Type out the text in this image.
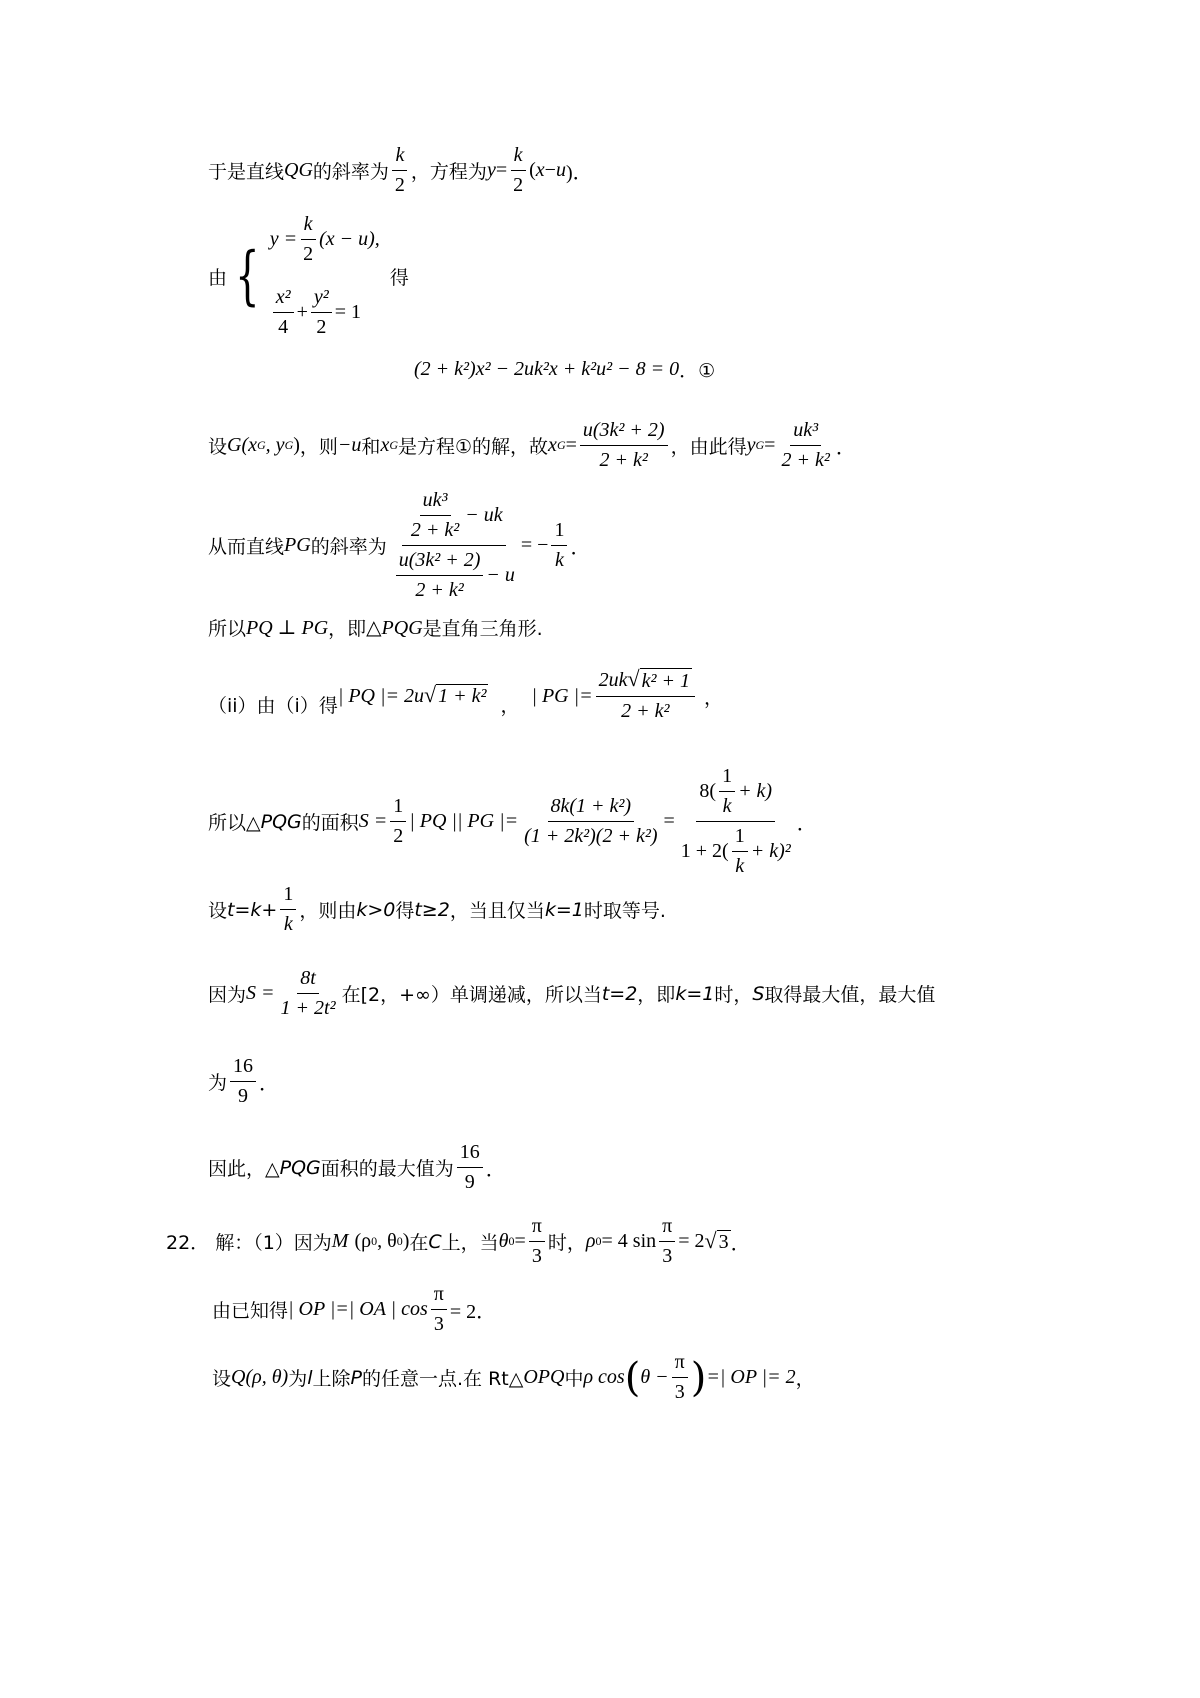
于是直线 QG 的斜率为 $\frac{k}{2}$ ，方程为 $y = \frac{k}{2}$ ( x − u )．
由 { $y = \frac{k}{2} (x - u)$,
$\frac{\text{x²}}{4} + \frac{\text{y²}}{2} = 1$
得
(2 + k²)x² − 2uk²x + k²u² − 8 = 0 ．①
设 G(x G , y G ) ，则 −u 和 x G 是方程①的解，故 x $G = \frac{\text{u(3k² + 2)}}{\text{2 + k²}}$ ，由此得 y $G = \frac{\text{uk³}}{\text{2 + k²}}$ ．
从而直线 PG 的斜率为 $\frac{\frac{\text{uk³}}{\text{2 + k²}} - uk}{\frac{\text{u(3k² + 2)}}{\text{2 + k²}} - u}$ = − $\frac{1}{k}$ ．
所以 PQ ⊥ PG ，即 △PQG 是直角三角形.
（ii）由（i）得 | PQ |= 2u √ 1 + k² ， | PG |= $\frac{\text{2uk √ k² + 1}}{\text{2 + k²}}$ ，
所以△ PQG 的面积 $S = \frac{1}{2}$ | PQ || PG |= $\frac{\text{8k(1 + k²)}}{\text{(1 + 2k²)(2 + k²)}}$ =
$8( \frac{1}{k} + k)$
$1 + 2( \frac{1}{k} + k)^2$
．
设 $t=k+ \frac{1}{k}$ ，则由 k>0 得 t≥2 ，当且仅当 k=1 时取等号.
因为 $S = \frac{8t}{\text{1 + 2t²}}$ 在[2，+∞）单调递减，所以当 t=2 ，即 k=1 时， S 取得最大值，最大值
为 $\frac{16}{9}$ ．
因此，△ PQG 面积的最大值为 $\frac{16}{9}$ ．
22． 解：（1）因为 M (ρ 0 , θ 0 ) 在 C 上，当 θ $0 = \frac{\pi}{3}$ 时， ρ 0 = 4 $\sin \frac{\pi}{3} = 2$ √ 3 ．
由已知得 | OP |=| OA | $\cos \frac{\pi}{3} = 2$．
设 Q(ρ, θ) 为 l 上除 P 的任意一点.在 Rt△ OPQ 中 ρ cos ( $\theta - \frac{\pi}{3}$ ) =| OP |= 2 ，
